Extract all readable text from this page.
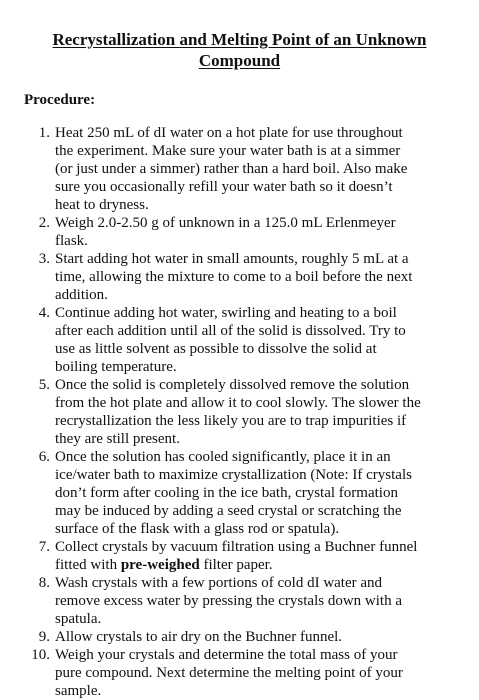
Recrystallization and Melting Point of an Unknown
Compound
Procedure:
1. Heat 250 mL of dI water on a hot plate for use throughout the experiment. Make sure your water bath is at a simmer (or just under a simmer) rather than a hard boil. Also make sure you occasionally refill your water bath so it doesn’t heat to dryness.
2. Weigh 2.0-2.50 g of unknown in a 125.0 mL Erlenmeyer flask.
3. Start adding hot water in small amounts, roughly 5 mL at a time, allowing the mixture to come to a boil before the next addition.
4. Continue adding hot water, swirling and heating to a boil after each addition until all of the solid is dissolved. Try to use as little solvent as possible to dissolve the solid at boiling temperature.
5. Once the solid is completely dissolved remove the solution from the hot plate and allow it to cool slowly. The slower the recrystallization the less likely you are to trap impurities if they are still present.
6. Once the solution has cooled significantly, place it in an ice/water bath to maximize crystallization (Note: If crystals don’t form after cooling in the ice bath, crystal formation may be induced by adding a seed crystal or scratching the surface of the flask with a glass rod or spatula).
7. Collect crystals by vacuum filtration using a Buchner funnel fitted with pre-weighed filter paper.
8. Wash crystals with a few portions of cold dI water and remove excess water by pressing the crystals down with a spatula.
9. Allow crystals to air dry on the Buchner funnel.
10. Weigh your crystals and determine the total mass of your pure compound. Next determine the melting point of your sample.
